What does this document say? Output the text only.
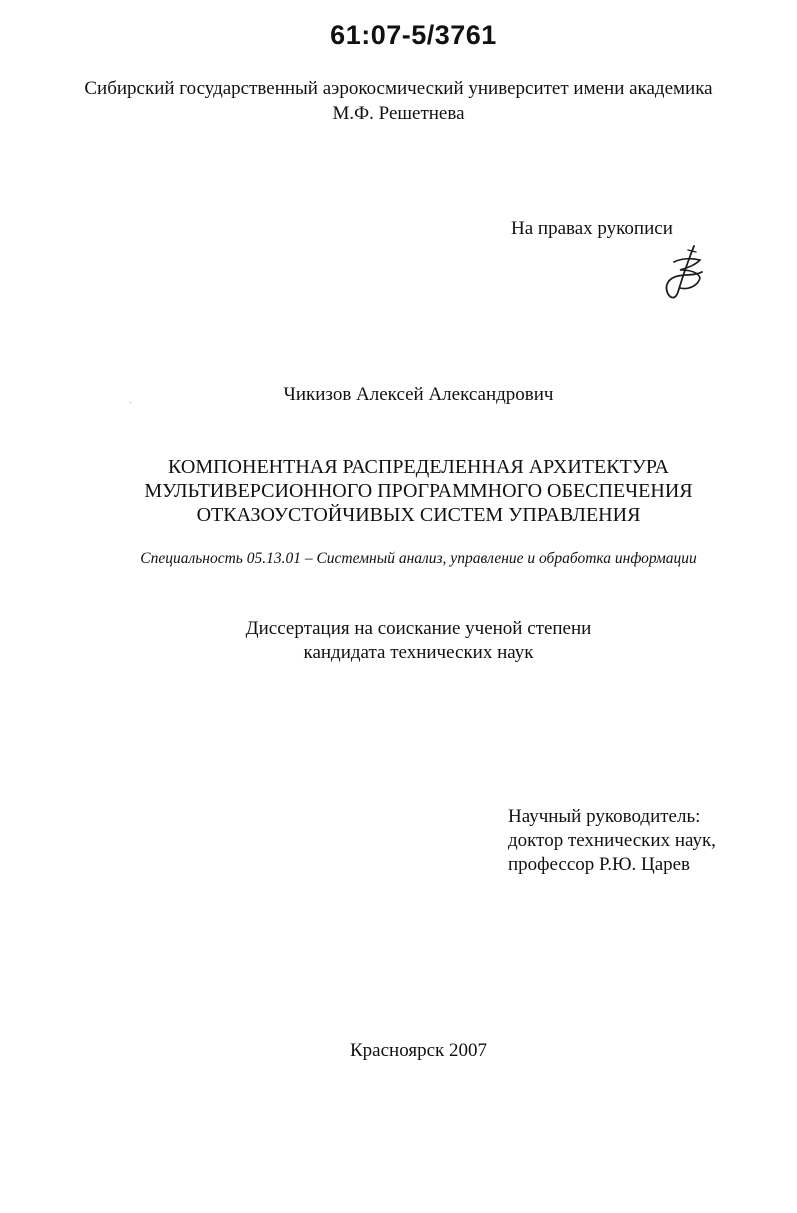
61:07-5/3761
Сибирский государственный аэрокосмический университет имени академика
М.Ф. Решетнева
На правах рукописи
Чикизов Алексей Александрович
КОМПОНЕНТНАЯ РАСПРЕДЕЛЕННАЯ АРХИТЕКТУРА
МУЛЬТИВЕРСИОННОГО ПРОГРАММНОГО ОБЕСПЕЧЕНИЯ
ОТКАЗОУСТОЙЧИВЫХ СИСТЕМ УПРАВЛЕНИЯ
Специальность 05.13.01 – Системный анализ, управление и обработка информации
Диссертация на соискание ученой степени
кандидата технических наук
Научный руководитель:
доктор технических наук,
профессор Р.Ю. Царев
Красноярск 2007
